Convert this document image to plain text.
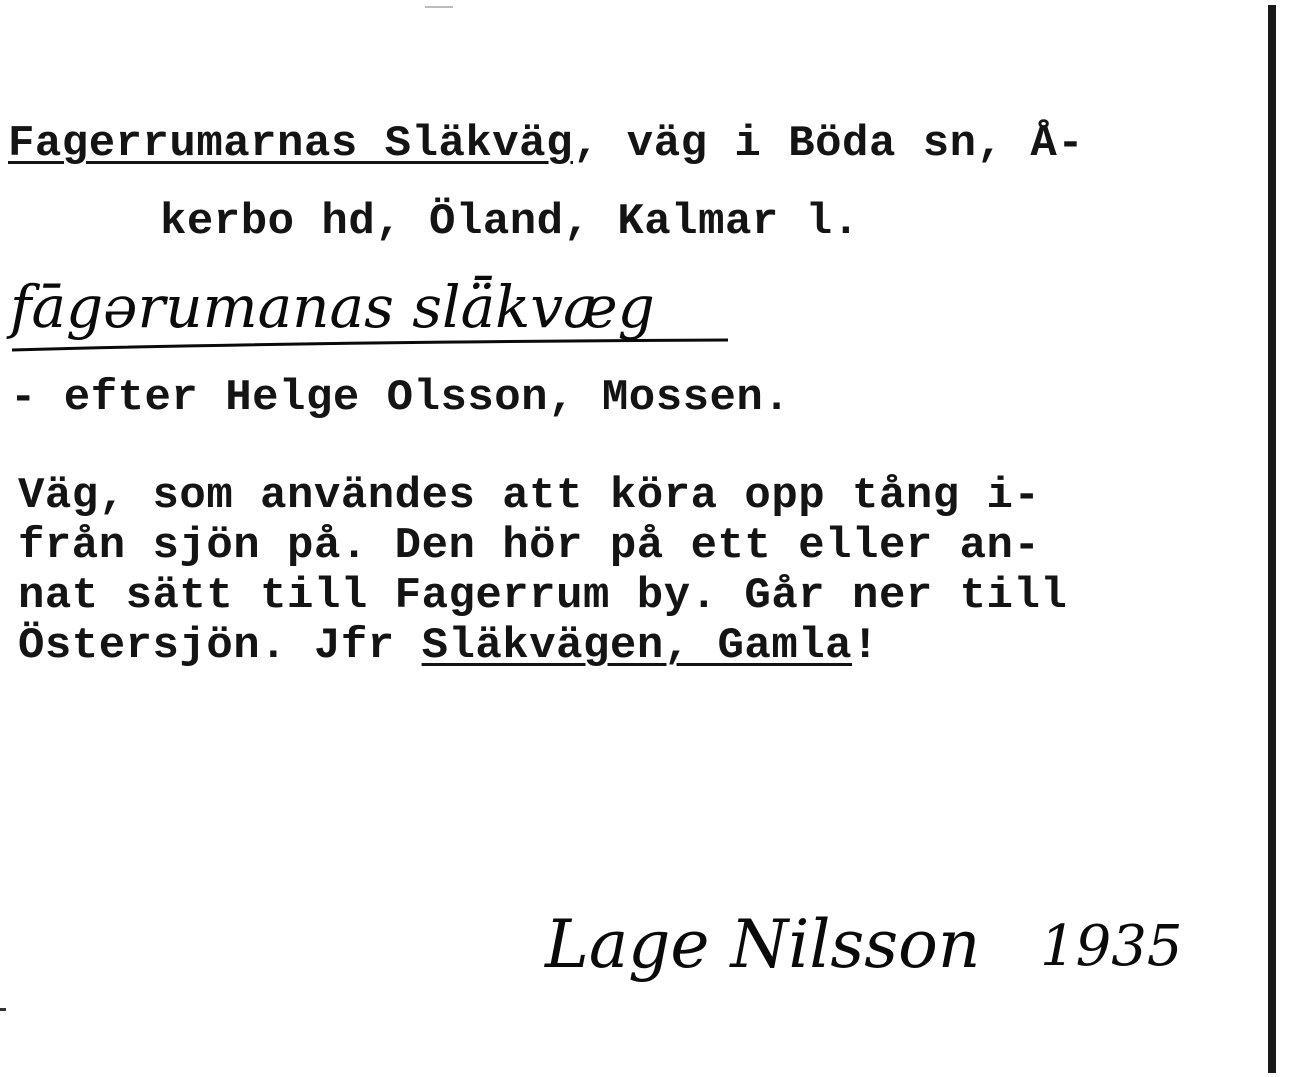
Fagerrumarnas Släkväg, väg i Böda sn, Å-
kerbo hd, Öland, Kalmar l.
fāgərumanas slǟkvæg
- efter Helge Olsson, Mossen.
Väg, som användes att köra opp tång i-
från sjön på. Den hör på ett eller an-
nat sätt till Fagerrum by. Går ner till
Östersjön. Jfr Släkvägen, Gamla!
Lage Nilsson 1935
